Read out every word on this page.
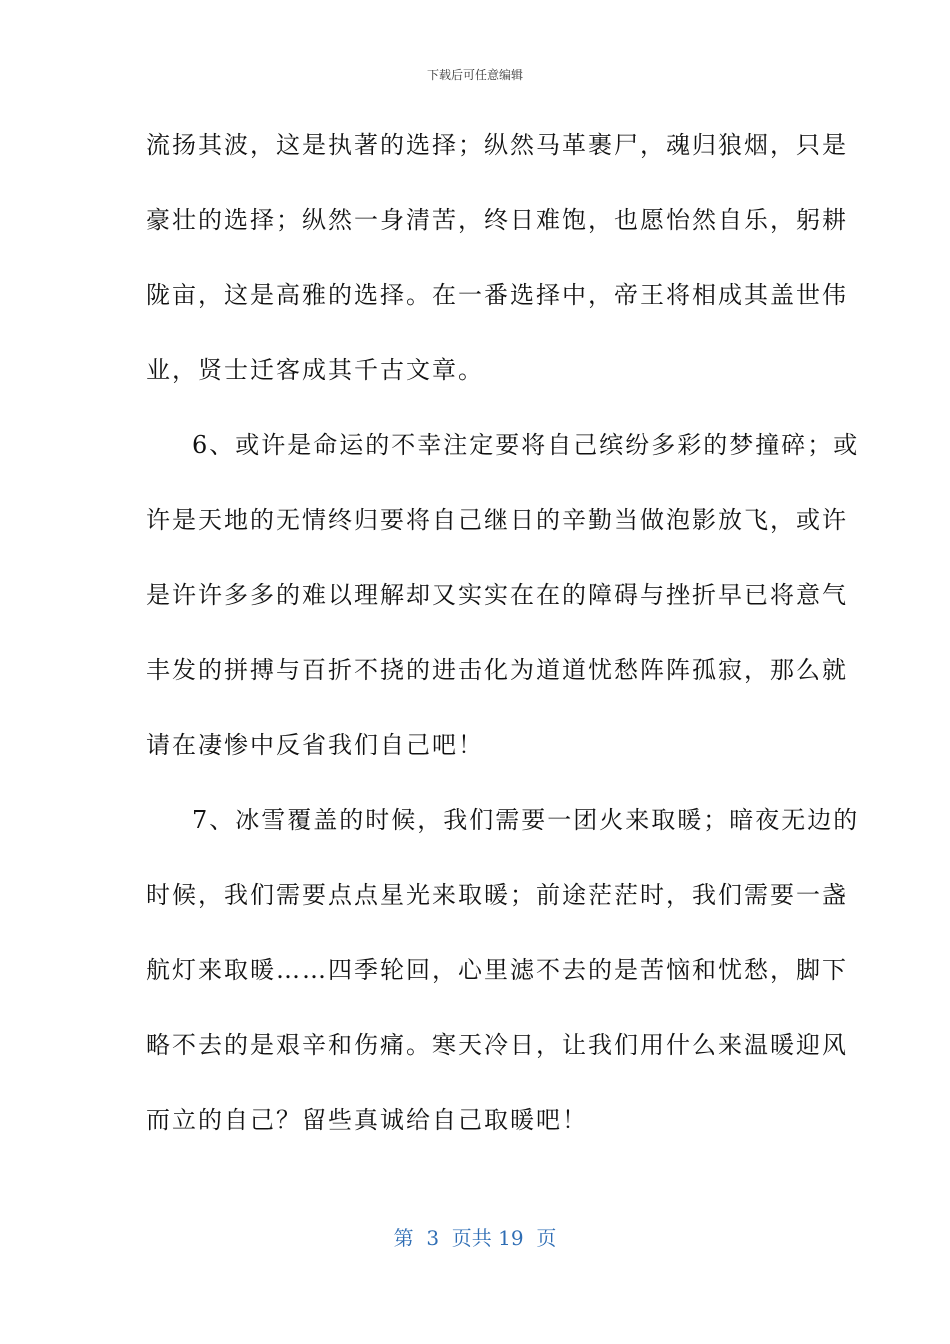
下载后可任意编辑
流扬其波，这是执著的选择；纵然马革裹尸，魂归狼烟，只是
豪壮的选择；纵然一身清苦，终日难饱，也愿怡然自乐，躬耕
陇亩，这是高雅的选择。在一番选择中，帝王将相成其盖世伟
业，贤士迁客成其千古文章。
6、或许是命运的不幸注定要将自己缤纷多彩的梦撞碎；或
许是天地的无情终归要将自己继日的辛勤当做泡影放飞，或许
是许许多多的难以理解却又实实在在的障碍与挫折早已将意气
丰发的拼搏与百折不挠的进击化为道道忧愁阵阵孤寂，那么就
请在凄惨中反省我们自己吧！
7、冰雪覆盖的时候，我们需要一团火来取暖；暗夜无边的
时候，我们需要点点星光来取暖；前途茫茫时，我们需要一盏
航灯来取暖……四季轮回，心里滤不去的是苦恼和忧愁，脚下
略不去的是艰辛和伤痛。寒天冷日，让我们用什么来温暖迎风
而立的自己？留些真诚给自己取暖吧！
第  3  页共 19  页
